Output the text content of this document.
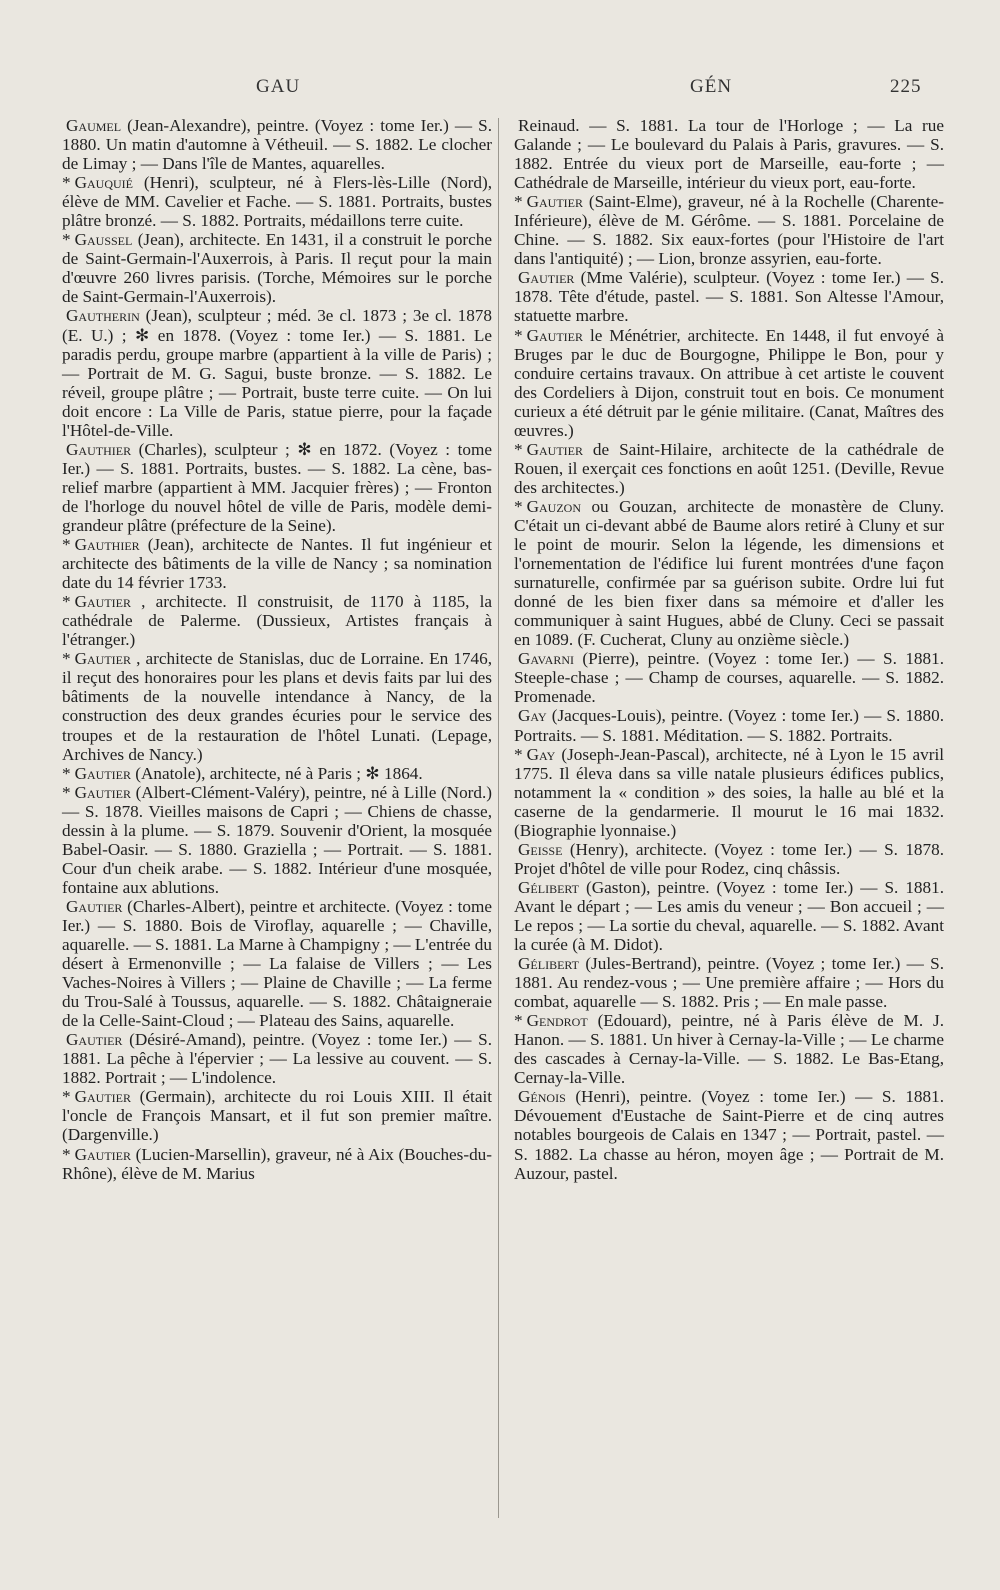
GAU	GÉN	225

Gaumel (Jean-Alexandre), peintre. (Voyez : tome Ier.) — S. 1880. Un matin d'automne à Vétheuil. — S. 1882. Le clocher de Limay ; — Dans l'île de Mantes, aquarelles.

* Gauquié (Henri), sculpteur, né à Flers-lès-Lille (Nord), élève de MM. Cavelier et Fache. — S. 1881. Portraits, bustes plâtre bronzé. — S. 1882. Portraits, médaillons terre cuite.

* Gaussel (Jean), architecte. En 1431, il a construit le porche de Saint-Germain-l'Auxerrois, à Paris. Il reçut pour la main d'œuvre 260 livres parisis. (Torche, Mémoires sur le porche de Saint-Germain-l'Auxerrois).

Gautherin (Jean), sculpteur ; méd. 3e cl. 1873 ; 3e cl. 1878 (E. U.) ; ✻ en 1878. (Voyez : tome Ier.) — S. 1881. Le paradis perdu, groupe marbre (appartient à la ville de Paris) ; — Portrait de M. G. Sagui, buste bronze. — S. 1882. Le réveil, groupe plâtre ; — Portrait, buste terre cuite. — On lui doit encore : La Ville de Paris, statue pierre, pour la façade l'Hôtel-de-Ville.

Gauthier (Charles), sculpteur ; ✻ en 1872. (Voyez : tome Ier.) — S. 1881. Portraits, bustes. — S. 1882. La cène, bas-relief marbre (appartient à MM. Jacquier frères) ; — Fronton de l'horloge du nouvel hôtel de ville de Paris, modèle demi-grandeur plâtre (préfecture de la Seine).

* Gauthier (Jean), architecte de Nantes. Il fut ingénieur et architecte des bâtiments de la ville de Nancy ; sa nomination date du 14 février 1733.

* Gautier , architecte. Il construisit, de 1170 à 1185, la cathédrale de Palerme. (Dussieux, Artistes français à l'étranger.)

* Gautier , architecte de Stanislas, duc de Lorraine. En 1746, il reçut des honoraires pour les plans et devis faits par lui des bâtiments de la nouvelle intendance à Nancy, de la construction des deux grandes écuries pour le service des troupes et de la restauration de l'hôtel Lunati. (Lepage, Archives de Nancy.)

* Gautier (Anatole), architecte, né à Paris ; ✻ 1864.

* Gautier (Albert-Clément-Valéry), peintre, né à Lille (Nord.) — S. 1878. Vieilles maisons de Capri ; — Chiens de chasse, dessin à la plume. — S. 1879. Souvenir d'Orient, la mosquée Babel-Oasir. — S. 1880. Graziella ; — Portrait. — S. 1881. Cour d'un cheik arabe. — S. 1882. Intérieur d'une mosquée, fontaine aux ablutions.

Gautier (Charles-Albert), peintre et architecte. (Voyez : tome Ier.) — S. 1880. Bois de Viroflay, aquarelle ; — Chaville, aquarelle. — S. 1881. La Marne à Champigny ; — L'entrée du désert à Ermenonville ; — La falaise de Villers ; — Les Vaches-Noires à Villers ; — Plaine de Chaville ; — La ferme du Trou-Salé à Toussus, aquarelle. — S. 1882. Châtaigneraie de la Celle-Saint-Cloud ; — Plateau des Sains, aquarelle.

Gautier (Désiré-Amand), peintre. (Voyez : tome Ier.) — S. 1881. La pêche à l'épervier ; — La lessive au couvent. — S. 1882. Portrait ; — L'indolence.

* Gautier (Germain), architecte du roi Louis XIII. Il était l'oncle de François Mansart, et il fut son premier maître. (Dargenville.)

* Gautier (Lucien-Marsellin), graveur, né à Aix (Bouches-du-Rhône), élève de M. Marius

Reinaud. — S. 1881. La tour de l'Horloge ; — La rue Galande ; — Le boulevard du Palais à Paris, gravures. — S. 1882. Entrée du vieux port de Marseille, eau-forte ; — Cathédrale de Marseille, intérieur du vieux port, eau-forte.

* Gautier (Saint-Elme), graveur, né à la Rochelle (Charente-Inférieure), élève de M. Gérôme. — S. 1881. Porcelaine de Chine. — S. 1882. Six eaux-fortes (pour l'Histoire de l'art dans l'antiquité) ; — Lion, bronze assyrien, eau-forte.

Gautier (Mme Valérie), sculpteur. (Voyez : tome Ier.) — S. 1878. Tête d'étude, pastel. — S. 1881. Son Altesse l'Amour, statuette marbre.

* Gautier le Ménétrier, architecte. En 1448, il fut envoyé à Bruges par le duc de Bourgogne, Philippe le Bon, pour y conduire certains travaux. On attribue à cet artiste le couvent des Cordeliers à Dijon, construit tout en bois. Ce monument curieux a été détruit par le génie militaire. (Canat, Maîtres des œuvres.)

* Gautier de Saint-Hilaire, architecte de la cathédrale de Rouen, il exerçait ces fonctions en août 1251. (Deville, Revue des architectes.)

* Gauzon ou Gouzan, architecte de monastère de Cluny. C'était un ci-devant abbé de Baume alors retiré à Cluny et sur le point de mourir. Selon la légende, les dimensions et l'ornementation de l'édifice lui furent montrées d'une façon surnaturelle, confirmée par sa guérison subite. Ordre lui fut donné de les bien fixer dans sa mémoire et d'aller les communiquer à saint Hugues, abbé de Cluny. Ceci se passait en 1089. (F. Cucherat, Cluny au onzième siècle.)

Gavarni (Pierre), peintre. (Voyez : tome Ier.) — S. 1881. Steeple-chase ; — Champ de courses, aquarelle. — S. 1882. Promenade.

Gay (Jacques-Louis), peintre. (Voyez : tome Ier.) — S. 1880. Portraits. — S. 1881. Méditation. — S. 1882. Portraits.

* Gay (Joseph-Jean-Pascal), architecte, né à Lyon le 15 avril 1775. Il éleva dans sa ville natale plusieurs édifices publics, notamment la « condition » des soies, la halle au blé et la caserne de la gendarmerie. Il mourut le 16 mai 1832. (Biographie lyonnaise.)

Geisse (Henry), architecte. (Voyez : tome Ier.) — S. 1878. Projet d'hôtel de ville pour Rodez, cinq châssis.

Gélibert (Gaston), peintre. (Voyez : tome Ier.) — S. 1881. Avant le départ ; — Les amis du veneur ; — Bon accueil ; — Le repos ; — La sortie du cheval, aquarelle. — S. 1882. Avant la curée (à M. Didot).

Gélibert (Jules-Bertrand), peintre. (Voyez ; tome Ier.) — S. 1881. Au rendez-vous ; — Une première affaire ; — Hors du combat, aquarelle — S. 1882. Pris ; — En male passe.

* Gendrot (Edouard), peintre, né à Paris élève de M. J. Hanon. — S. 1881. Un hiver à Cernay-la-Ville ; — Le charme des cascades à Cernay-la-Ville. — S. 1882. Le Bas-Etang, Cernay-la-Ville.

Génois (Henri), peintre. (Voyez : tome Ier.) — S. 1881. Dévouement d'Eustache de Saint-Pierre et de cinq autres notables bourgeois de Calais en 1347 ; — Portrait, pastel. — S. 1882. La chasse au héron, moyen âge ; — Portrait de M. Auzour, pastel.
